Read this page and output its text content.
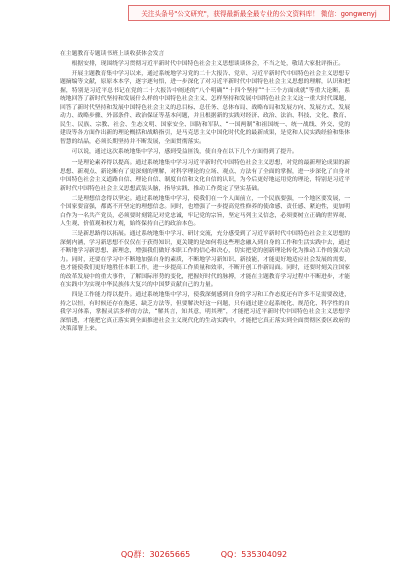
关注头条号"公文研究"，获得最新最全最专业的公文资料库！ 微信：gongwenyj

在主题教育专题读书班上谈收获体会发言

根据安排，现围绕学习贯彻习近平新时代中国特色社会主义思想谈谈体会，不当之处，敬请大家批评指正。

开展主题教育集中学习以来，通过系统地学习党的二十大报告、党章、习近平新时代中国特色社会主义思想专题摘编等文献，原原本本学，逐字逐句悟，进一步深化了对习近平新时代中国特色社会主义思想的理解，认识和把握，特别是习近平总书记在党的二十大报告中阐述的“八个明确”“十四个坚持”“十三个方面成就”等重大论断，系统地回答了新时代坚持和发展什么样的中国特色社会主义、怎样坚持和发展中国特色社会主义这一重大时代课题，回答了新时代坚持和发展中国特色社会主义的总目标、总任务、总体布局、战略布局和发展方向、发展方式、发展动力、战略步骤、外部条件、政治保证等基本问题，并且根据新的实践对经济、政治、法治、科技、文化、教育、民生、民族、宗教、社会、生态文明、国家安全、国防和军队、“一国两制”和祖国统一、统一战线、外交、党的建设等各方面作出新的理论概括和战略指引，是马克思主义中国化时代化的最新成果，是党和人民实践经验和集体智慧的结晶，必须长期坚持并不断发展，全面贯彻落实。

可以说，通过这次系统地集中学习，感到受益匪浅，使自身在以下几个方面得到了提升。

一是理论素养得以提高。通过系统地集中学习习近平新时代中国特色社会主义思想，对党的最新理论成果的新思想、新观点、新论断有了更深刻的理解，对科学理论的立场、观点、方法有了全面的掌握，进一步深化了自身对中国特色社会主义道路自信、理论自信、制度自信和文化自信的认识，为今后更好地运用党的理论，特别是习近平新时代中国特色社会主义思想武装头脑，指导实践、推动工作奠定了坚实基础。

二是理想信念得以坚定。通过系统地集中学习，使我们在一个人面前立，一个民族要强，一个地区要发展，一个国家要富强，都离不开坚定的理想信念。同时，也增强了一步提高党性修养的使命感、责任感、紧迫性，更加明白作为一名共产党员，必须要时刻铭记对党忠诚，牢记党的宗旨，坚定马列主义信念，必须要树立正确的世界观、人生观、价值观和权力观，始终保持自己的政治本色。

三是新思路得以拓展。通过系统地集中学习、研讨交流，充分感受到了习近平新时代中国特色社会主义思想的深刻内涵，学习新思想不仅仅在于获得知识，更关键的是如何将这些理念融入到自身的工作和生活实践中去，通过不断地学习新思想、新理念，增强我们做好本职工作的信心和决心，切实把党的创新理论转化为推动工作的强大动力。同时，还要在学习中不断地加强自身的素质，不断地学习新知识、新技能，才能更好地适应社会发展的需要，也才能使我们更好地胜任本职工作，进一步提高工作质量和效率，不断开创工作新局面。同时，还要时刻关注国家的改革发展中的重大事件，了解国际形势的变化，把握好时代的脉搏，才能在主题教育学习过程中不断进步，才能在实践中为实现中华民族伟大复兴的中国梦贡献自己的力量。

四是工作能力得以提升。通过系统地集中学习，使我深刻感到自身的学习和工作态度还有许多不足需要改进，持之以恒，有时候还存在拖延、缺乏方法等，但要解决好这一问题，只有通过建立起系统化、规范化、科学性的自我学习体系，掌握灵活多样的方法，“解其言，知其意，明其理”，才能把习近平新时代中国特色社会主义思想学深悟透，才能把它真正落实到全面推进社会主义现代化的生动实践中，才能把它真正落实到全面贯彻区委区政府的决策部署上来。

QQ群：30265665	QQ：535304092
